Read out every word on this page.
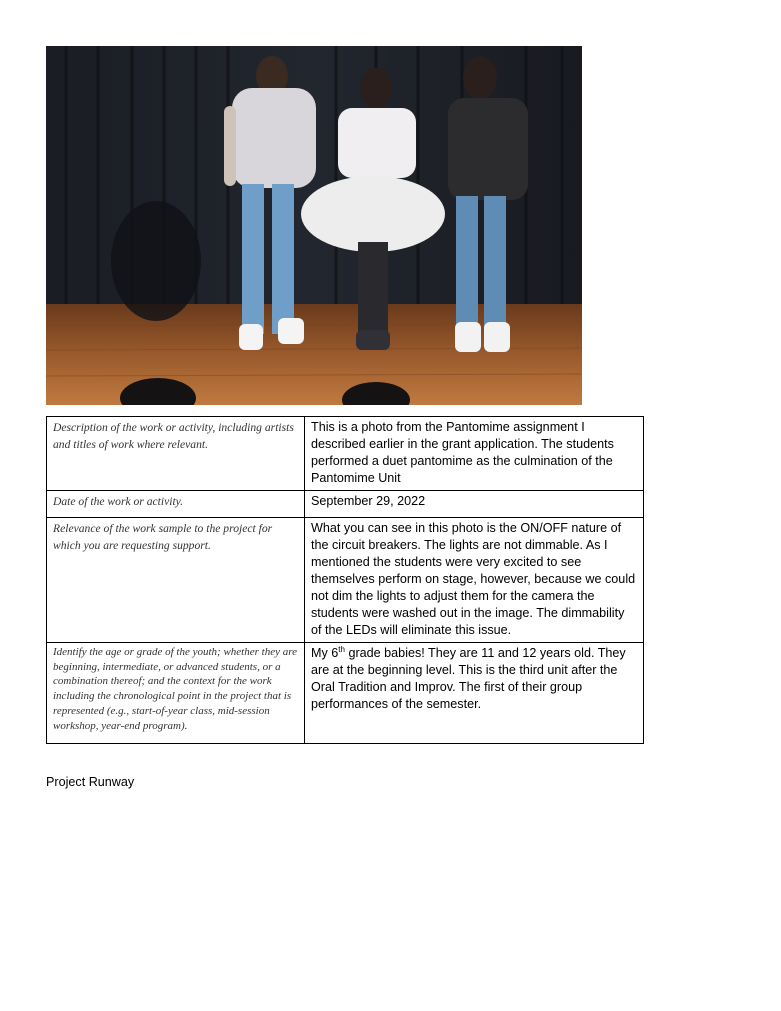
Description of the work or activity, including artists and titles of work where relevant.	This is a photo from the Pantomime assignment I described earlier in the grant application. The students performed a duet pantomime as the culmination of the Pantomime Unit
Date of the work or activity.	September 29, 2022
Relevance of the work sample to the project for which you are requesting support.	What you can see in this photo is the ON/OFF nature of the circuit breakers. The lights are not dimmable. As I mentioned the students were very excited to see themselves perform on stage, however, because we could not dim the lights to adjust them for the camera the students were washed out in the image. The dimmability of the LEDs will eliminate this issue.
Identify the age or grade of the youth; whether they are beginning, intermediate, or advanced students, or a combination thereof; and the context for the work including the chronological point in the project that is represented (e.g., start-of-year class, mid-session workshop, year-end program).	My 6th grade babies! They are 11 and 12 years old. They are at the beginning level. This is the third unit after the Oral Tradition and Improv. The first of their group performances of the semester.
Project Runway
